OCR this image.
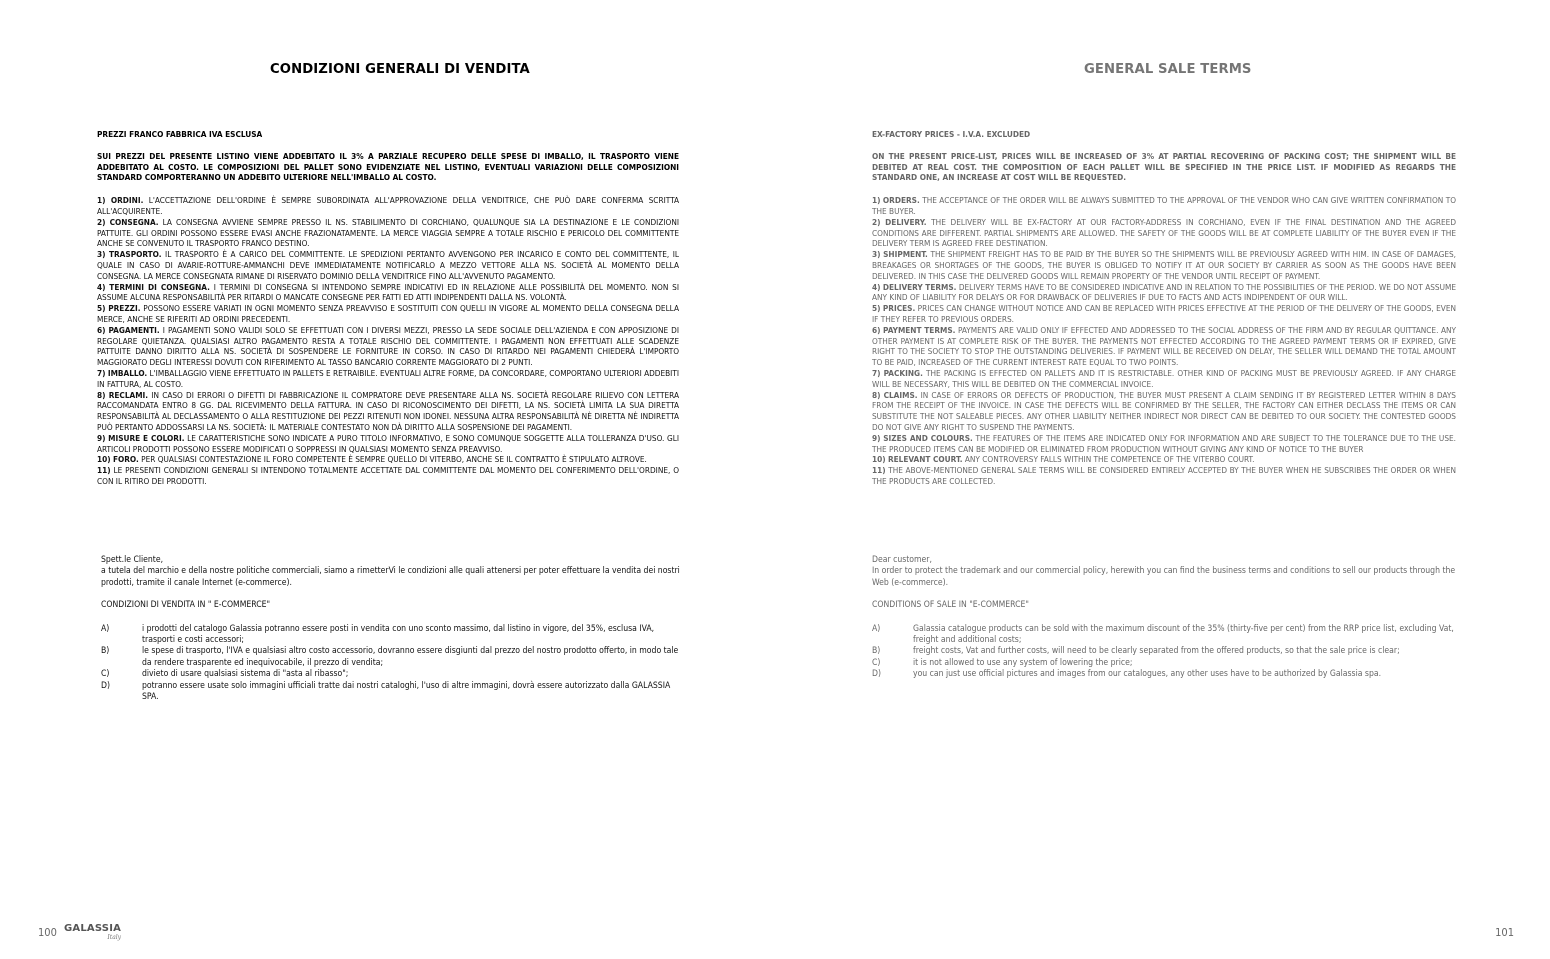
CONDIZIONI GENERALI DI VENDITA

PREZZI FRANCO FABBRICA IVA ESCLUSA

SUI PREZZI DEL PRESENTE LISTINO VIENE ADDEBITATO IL 3% A PARZIALE RECUPERO DELLE SPESE DI IMBALLO, IL TRASPORTO VIENE ADDEBITATO AL COSTO. LE COMPOSIZIONI DEL PALLET SONO EVIDENZIATE NEL LISTINO, EVENTUALI VARIAZIONI DELLE COMPOSIZIONI STANDARD COMPORTERANNO UN ADDEBITO ULTERIORE NELL'IMBALLO AL COSTO.

1) ORDINI. L'ACCETTAZIONE DELL'ORDINE È SEMPRE SUBORDINATA ALL'APPROVAZIONE DELLA VENDITRICE, CHE PUÒ DARE CONFERMA SCRITTA ALL'ACQUIRENTE.
2) CONSEGNA. LA CONSEGNA AVVIENE SEMPRE PRESSO IL NS. STABILIMENTO DI CORCHIANO, QUALUNQUE SIA LA DESTINAZIONE E LE CONDIZIONI PATTUITE. GLI ORDINI POSSONO ESSERE EVASI ANCHE FRAZIONATAMENTE. LA MERCE VIAGGIA SEMPRE A TOTALE RISCHIO E PERICOLO DEL COMMITTENTE ANCHE SE CONVENUTO IL TRASPORTO FRANCO DESTINO.
3) TRASPORTO. IL TRASPORTO È A CARICO DEL COMMITTENTE. LE SPEDIZIONI PERTANTO AVVENGONO PER INCARICO E CONTO DEL COMMITTENTE, IL QUALE IN CASO DI AVARIE-ROTTURE-AMMANCHI DEVE IMMEDIATAMENTE NOTIFICARLO A MEZZO VETTORE ALLA NS. SOCIETÀ AL MOMENTO DELLA CONSEGNA. LA MERCE CONSEGNATA RIMANE DI RISERVATO DOMINIO DELLA VENDITRICE FINO ALL'AVVENUTO PAGAMENTO.
4) TERMINI DI CONSEGNA. I TERMINI DI CONSEGNA SI INTENDONO SEMPRE INDICATIVI ED IN RELAZIONE ALLE POSSIBILITÀ DEL MOMENTO. NON SI ASSUME ALCUNA RESPONSABILITÀ PER RITARDI O MANCATE CONSEGNE PER FATTI ED ATTI INDIPENDENTI DALLA NS. VOLONTÀ.
5) PREZZI. POSSONO ESSERE VARIATI IN OGNI MOMENTO SENZA PREAVVISO E SOSTITUITI CON QUELLI IN VIGORE AL MOMENTO DELLA CONSEGNA DELLA MERCE, ANCHE SE RIFERITI AD ORDINI PRECEDENTI.
6) PAGAMENTI. I PAGAMENTI SONO VALIDI SOLO SE EFFETTUATI CON I DIVERSI MEZZI, PRESSO LA SEDE SOCIALE DELL'AZIENDA E CON APPOSIZIONE DI REGOLARE QUIETANZA. QUALSIASI ALTRO PAGAMENTO RESTA A TOTALE RISCHIO DEL COMMITTENTE. I PAGAMENTI NON EFFETTUATI ALLE SCADENZE PATTUITE DANNO DIRITTO ALLA NS. SOCIETÀ DI SOSPENDERE LE FORNITURE IN CORSO. IN CASO DI RITARDO NEI PAGAMENTI CHIEDERÀ L'IMPORTO MAGGIORATO DEGLI INTERESSI DOVUTI CON RIFERIMENTO AL TASSO BANCARIO CORRENTE MAGGIORATO DI 2 PUNTI.
7) IMBALLO. L'IMBALLAGGIO VIENE EFFETTUATO IN PALLETS E RETRAIBILE. EVENTUALI ALTRE FORME, DA CONCORDARE, COMPORTANO ULTERIORI ADDEBITI IN FATTURA, AL COSTO.
8) RECLAMI. IN CASO DI ERRORI O DIFETTI DI FABBRICAZIONE IL COMPRATORE DEVE PRESENTARE ALLA NS. SOCIETÀ REGOLARE RILIEVO CON LETTERA RACCOMANDATA ENTRO 8 GG. DAL RICEVIMENTO DELLA FATTURA. IN CASO DI RICONOSCIMENTO DEI DIFETTI, LA NS. SOCIETÀ LIMITA LA SUA DIRETTA RESPONSABILITÀ AL DECLASSAMENTO O ALLA RESTITUZIONE DEI PEZZI RITENUTI NON IDONEI. NESSUNA ALTRA RESPONSABILITÀ NÈ DIRETTA NÈ INDIRETTA PUÒ PERTANTO ADDOSSARSI LA NS. SOCIETÀ: IL MATERIALE CONTESTATO NON DÀ DIRITTO ALLA SOSPENSIONE DEI PAGAMENTI.
9) MISURE E COLORI. LE CARATTERISTICHE SONO INDICATE A PURO TITOLO INFORMATIVO, E SONO COMUNQUE SOGGETTE ALLA TOLLERANZA D'USO. GLI ARTICOLI PRODOTTI POSSONO ESSERE MODIFICATI O SOPPRESSI IN QUALSIASI MOMENTO SENZA PREAVVISO.
10) FORO. PER QUALSIASI CONTESTAZIONE IL FORO COMPETENTE È SEMPRE QUELLO DI VITERBO, ANCHE SE IL CONTRATTO È STIPULATO ALTROVE.
11) LE PRESENTI CONDIZIONI GENERALI SI INTENDONO TOTALMENTE ACCETTATE DAL COMMITTENTE DAL MOMENTO DEL CONFERIMENTO DELL'ORDINE, O CON IL RITIRO DEI PRODOTTI.

Spett.le Cliente,

a tutela del marchio e della nostre politiche commerciali, siamo a rimetterVi le condizioni alle quali attenersi per poter effettuare la vendita dei nostri prodotti, tramite il canale Internet (e-commerce).

CONDIZIONI DI VENDITA IN " E-COMMERCE"

A)	i prodotti del catalogo Galassia potranno essere posti in vendita con uno sconto massimo, dal listino in vigore, del 35%, esclusa IVA, trasporti e costi accessori;
B)	le spese di trasporto, l'IVA e qualsiasi altro costo accessorio, dovranno essere disgiunti dal prezzo del nostro prodotto offerto, in modo tale da rendere trasparente ed inequivocabile, il prezzo di vendita;
C)	divieto di usare qualsiasi sistema di "asta al ribasso";
D)	potranno essere usate solo immagini ufficiali tratte dai nostri cataloghi, l'uso di altre immagini, dovrà essere autorizzato dalla GALASSIA SPA.
100 GALASSIA
Italy
GENERAL SALE TERMS

EX-FACTORY PRICES - I.V.A. EXCLUDED

ON THE PRESENT PRICE-LIST, PRICES WILL BE INCREASED OF 3% AT PARTIAL RECOVERING OF PACKING COST; THE SHIPMENT WILL BE DEBITED AT REAL COST. THE COMPOSITION OF EACH PALLET WILL BE SPECIFIED IN THE PRICE LIST. IF MODIFIED AS REGARDS THE STANDARD ONE, AN INCREASE AT COST WILL BE REQUESTED.

1) ORDERS. THE ACCEPTANCE OF THE ORDER WILL BE ALWAYS SUBMITTED TO THE APPROVAL OF THE VENDOR WHO CAN GIVE WRITTEN CONFIRMATION TO THE BUYER.
2) DELIVERY. THE DELIVERY WILL BE EX-FACTORY AT OUR FACTORY-ADDRESS IN CORCHIANO, EVEN IF THE FINAL DESTINATION AND THE AGREED CONDITIONS ARE DIFFERENT. PARTIAL SHIPMENTS ARE ALLOWED. THE SAFETY OF THE GOODS WILL BE AT COMPLETE LIABILITY OF THE BUYER EVEN IF THE DELIVERY TERM IS AGREED FREE DESTINATION.
3) SHIPMENT. THE SHIPMENT FREIGHT HAS TO BE PAID BY THE BUYER SO THE SHIPMENTS WILL BE PREVIOUSLY AGREED WITH HIM. IN CASE OF DAMAGES, BREAKAGES OR SHORTAGES OF THE GOODS, THE BUYER IS OBLIGED TO NOTIFY IT AT OUR SOCIETY BY CARRIER AS SOON AS THE GOODS HAVE BEEN DELIVERED. IN THIS CASE THE DELIVERED GOODS WILL REMAIN PROPERTY OF THE VENDOR UNTIL RECEIPT OF PAYMENT.
4) DELIVERY TERMS. DELIVERY TERMS HAVE TO BE CONSIDERED INDICATIVE AND IN RELATION TO THE POSSIBILITIES OF THE PERIOD. WE DO NOT ASSUME ANY KIND OF LIABILITY FOR DELAYS OR FOR DRAWBACK OF DELIVERIES IF DUE TO FACTS AND ACTS INDIPENDENT OF OUR WILL.
5) PRICES. PRICES CAN CHANGE WITHOUT NOTICE AND CAN BE REPLACED WITH PRICES EFFECTIVE AT THE PERIOD OF THE DELIVERY OF THE GOODS, EVEN IF THEY REFER TO PREVIOUS ORDERS.
6) PAYMENT TERMS. PAYMENTS ARE VALID ONLY IF EFFECTED AND ADDRESSED TO THE SOCIAL ADDRESS OF THE FIRM AND BY REGULAR QUITTANCE. ANY OTHER PAYMENT IS AT COMPLETE RISK OF THE BUYER. THE PAYMENTS NOT EFFECTED ACCORDING TO THE AGREED PAYMENT TERMS OR IF EXPIRED, GIVE RIGHT TO THE SOCIETY TO STOP THE OUTSTANDING DELIVERIES. IF PAYMENT WILL BE RECEIVED ON DELAY, THE SELLER WILL DEMAND THE TOTAL AMOUNT TO BE PAID, INCREASED OF THE CURRENT INTEREST RATE EQUAL TO TWO POINTS.
7) PACKING. THE PACKING IS EFFECTED ON PALLETS AND IT IS RESTRICTABLE. OTHER KIND OF PACKING MUST BE PREVIOUSLY AGREED. IF ANY CHARGE WILL BE NECESSARY, THIS WILL BE DEBITED ON THE COMMERCIAL INVOICE.
8) CLAIMS. IN CASE OF ERRORS OR DEFECTS OF PRODUCTION, THE BUYER MUST PRESENT A CLAIM SENDING IT BY REGISTERED LETTER WITHIN 8 DAYS FROM THE RECEIPT OF THE INVOICE. IN CASE THE DEFECTS WILL BE CONFIRMED BY THE SELLER, THE FACTORY CAN EITHER DECLASS THE ITEMS OR CAN SUBSTITUTE THE NOT SALEABLE PIECES. ANY OTHER LIABILITY NEITHER INDIRECT NOR DIRECT CAN BE DEBITED TO OUR SOCIETY. THE CONTESTED GOODS DO NOT GIVE ANY RIGHT TO SUSPEND THE PAYMENTS.
9) SIZES AND COLOURS. THE FEATURES OF THE ITEMS ARE INDICATED ONLY FOR INFORMATION AND ARE SUBJECT TO THE TOLERANCE DUE TO THE USE. THE PRODUCED ITEMS CAN BE MODIFIED OR ELIMINATED FROM PRODUCTION WITHOUT GIVING ANY KIND OF NOTICE TO THE BUYER
10) RELEVANT COURT. ANY CONTROVERSY FALLS WITHIN THE COMPETENCE OF THE VITERBO COURT.
11) THE ABOVE-MENTIONED GENERAL SALE TERMS WILL BE CONSIDERED ENTIRELY ACCEPTED BY THE BUYER WHEN HE SUBSCRIBES THE ORDER OR WHEN THE PRODUCTS ARE COLLECTED.

Dear customer,

In order to protect the trademark and our commercial policy, herewith you can find the business terms and conditions to sell our products through the Web (e-commerce).

CONDITIONS OF SALE IN "E-COMMERCE"

A)	Galassia catalogue products can be sold with the maximum discount of the 35% (thirty-five per cent) from the RRP price list, excluding Vat, freight and additional costs;
B)	freight costs, Vat and further costs, will need to be clearly separated from the offered products, so that the sale price is clear;
C)	it is not allowed to use any system of lowering the price;
D)	you can just use official pictures and images from our catalogues, any other uses have to be authorized by Galassia spa.
101
